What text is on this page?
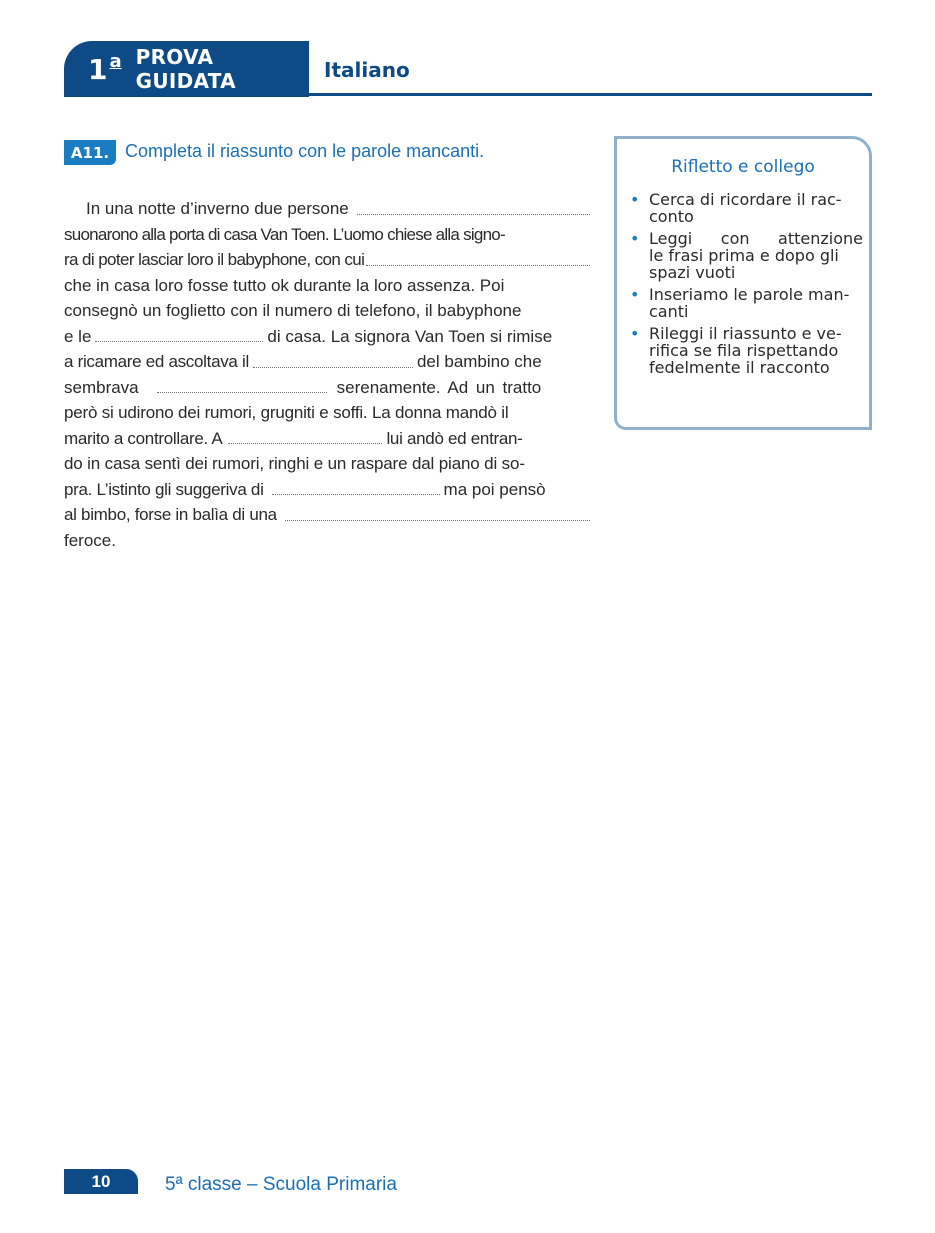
1 a PROVA GUIDATA	Italiano
A11. Completa il riassunto con le parole mancanti.
In una notte d’inverno due persone
suonarono alla porta di casa Van Toen. L’uomo chiese alla signo-
ra di poter lasciar loro il babyphone, con cui
che in casa loro fosse tutto ok durante la loro assenza. Poi
consegnò un foglietto con il numero di telefono, il babyphone
e le	di casa. La signora Van Toen si rimise
a ricamare ed ascoltava il	del bambino che
sembrava	serenamente. Ad un tratto
però si udirono dei rumori, grugniti e soffi. La donna mandò il
marito a controllare. A	lui andò ed entran-
do in casa sentì dei rumori, ringhi e un raspare dal piano di so-
pra. L’istinto gli suggeriva di	ma poi pensò
al bimbo, forse in balìa di una
feroce.
Rifletto e collego
• Cerca di ricordare il rac-
conto
• Leggi con attenzione
le frasi prima e dopo gli
spazi vuoti
• Inseriamo le parole man-
canti
• Rileggi il riassunto e ve-
rifica se fila rispettando
fedelmente il racconto
10	5ª classe – Scuola Primaria
